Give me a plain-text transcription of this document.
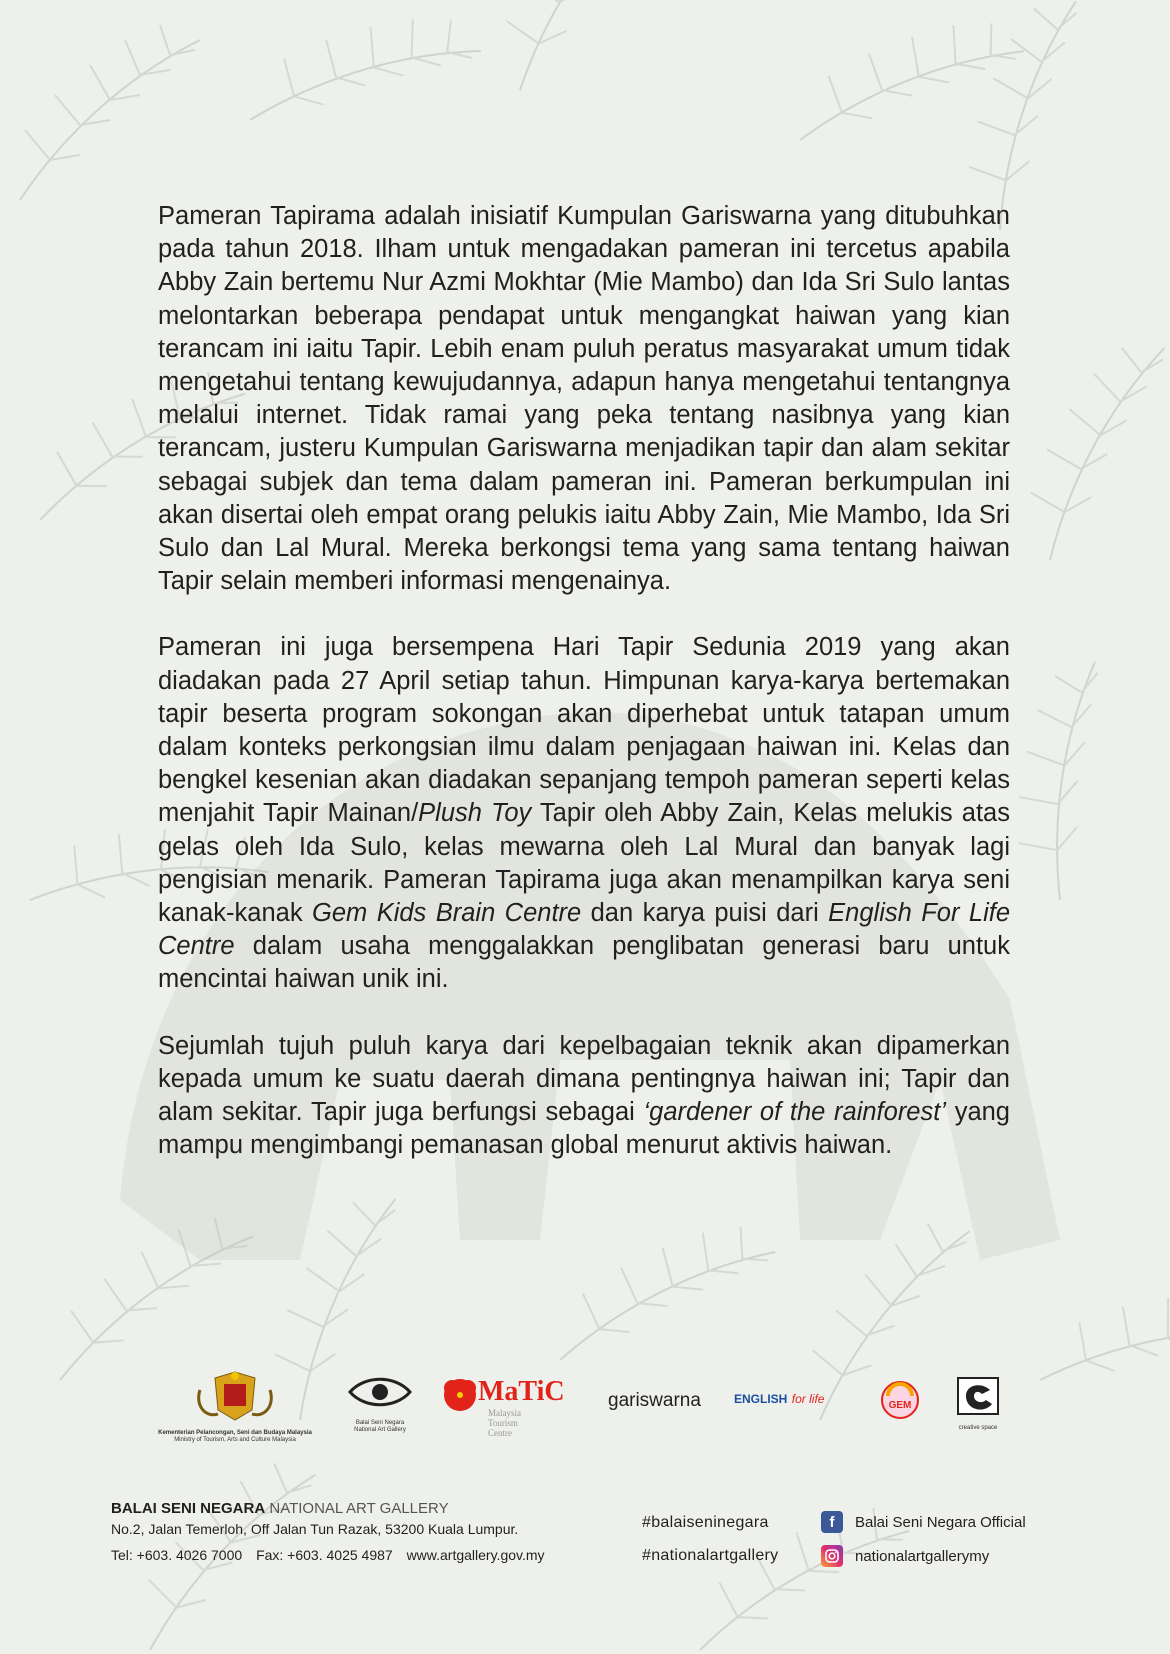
Pameran Tapirama adalah inisiatif Kumpulan Gariswarna yang ditubuhkan pada tahun 2018. Ilham untuk mengadakan pameran ini tercetus apabila Abby Zain bertemu Nur Azmi Mokhtar (Mie Mambo) dan Ida Sri Sulo lantas melontarkan beberapa pendapat untuk mengangkat haiwan yang kian terancam ini iaitu Tapir. Lebih enam puluh peratus masyarakat umum tidak mengetahui tentang kewujudannya, adapun hanya mengetahui tentangnya melalui internet. Tidak ramai yang peka tentang nasibnya yang kian terancam, justeru Kumpulan Gariswarna menjadikan tapir dan alam sekitar sebagai subjek dan tema dalam pameran ini. Pameran berkumpulan ini akan disertai oleh empat orang pelukis iaitu Abby Zain, Mie Mambo, Ida Sri Sulo dan Lal Mural. Mereka berkongsi tema yang sama tentang haiwan Tapir selain memberi informasi mengenainya.

Pameran ini juga bersempena Hari Tapir Sedunia 2019 yang akan diadakan pada 27 April setiap tahun. Himpunan karya-karya bertemakan tapir beserta program sokongan akan diperhebat untuk tatapan umum dalam konteks perkongsian ilmu dalam penjagaan haiwan ini. Kelas dan bengkel kesenian akan diadakan sepanjang tempoh pameran seperti kelas menjahit Tapir Mainan/Plush Toy Tapir oleh Abby Zain, Kelas melukis atas gelas oleh Ida Sulo, kelas mewarna oleh Lal Mural dan banyak lagi pengisian menarik. Pameran Tapirama juga akan menampilkan karya seni kanak-kanak Gem Kids Brain Centre dan karya puisi dari English For Life Centre dalam usaha menggalakkan penglibatan generasi baru untuk mencintai haiwan unik ini.

Sejumlah tujuh puluh karya dari kepelbagaian teknik akan dipamerkan kepada umum ke suatu daerah dimana pentingnya haiwan ini; Tapir dan alam sekitar. Tapir juga berfungsi sebagai ‘gardener of the rainforest’ yang mampu mengimbangi pemanasan global menurut aktivis haiwan.

Kementerian Pelancongan, Seni dan Budaya Malaysia
Ministry of Tourism, Arts and Culture Malaysia
Balai Seni Negara
National Art Gallery
MaTiC
Malaysia
Tourism
Centre
gariswarna	ENGLISH for life	GEM
creative space
BALAI SENI NEGARA NATIONAL ART GALLERY
No.2, Jalan Temerloh, Off Jalan Tun Razak, 53200 Kuala Lumpur.
Tel: +603. 4026 7000 Fax: +603. 4025 4987 www.artgallery.gov.my
#balaiseninegara
#nationalartgallery
f	Balai Seni Negara Official
nationalartgallerymy
